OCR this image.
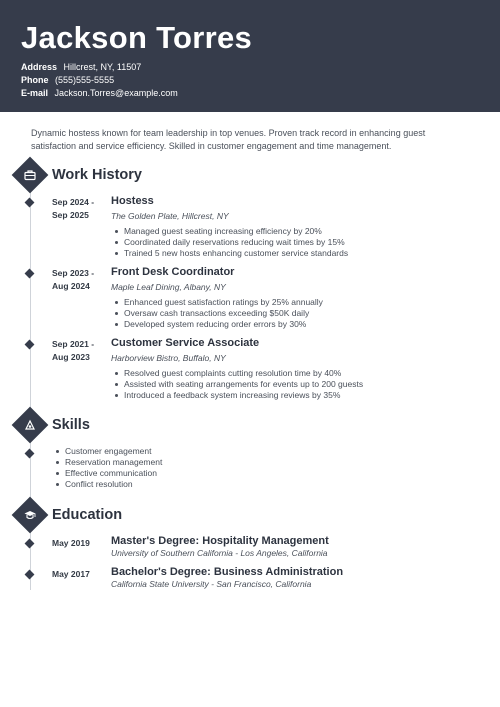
Jackson Torres
Address Hillcrest, NY, 11507
Phone (555)555-5555
E-mail Jackson.Torres@example.com

Dynamic hostess known for team leadership in top venues. Proven track record in enhancing guest satisfaction and service efficiency. Skilled in customer engagement and time management.

Work History
Sep 2024 -
Sep 2025
Hostess
The Golden Plate, Hillcrest, NY
Managed guest seating increasing efficiency by 20%
Coordinated daily reservations reducing wait times by 15%
Trained 5 new hosts enhancing customer service standards
Sep 2023 -
Aug 2024
Front Desk Coordinator
Maple Leaf Dining, Albany, NY
Enhanced guest satisfaction ratings by 25% annually
Oversaw cash transactions exceeding $50K daily
Developed system reducing order errors by 30%
Sep 2021 -
Aug 2023
Customer Service Associate
Harborview Bistro, Buffalo, NY
Resolved guest complaints cutting resolution time by 40%
Assisted with seating arrangements for events up to 200 guests
Introduced a feedback system increasing reviews by 35%
Skills
Customer engagement
Reservation management
Effective communication
Conflict resolution
Education
May 2019	Master's Degree: Hospitality Management
University of Southern California - Los Angeles, California
May 2017	Bachelor's Degree: Business Administration
California State University - San Francisco, California
